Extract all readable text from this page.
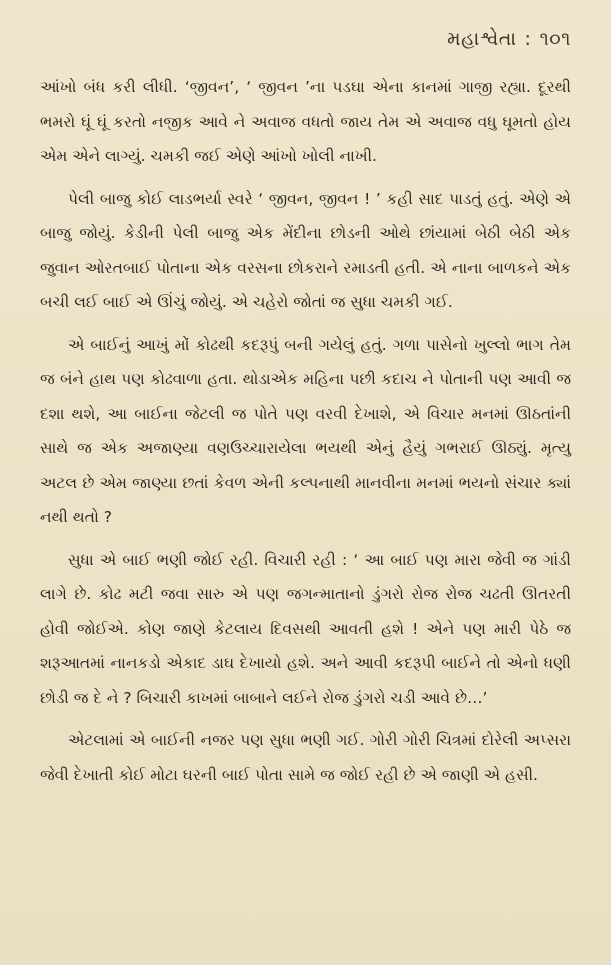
મહાશ્વેતા : ૧૦૧

આંખો બંધ કરી લીધી. ‘જીવન’, ‘ જીવન ’ના પડઘા એના કાનમાં ગાજી રહ્યા. દૂરથી ભમરો ઘૂં ઘૂં કરતો નજીક આવે ને અવાજ વધતો જાય તેમ એ અવાજ વધુ ઘૂમતો હોય એમ એને લાગ્યું. ચમકી જઈ એણે આંખો ખોલી નાખી.

પેલી બાજુ કોઈ લાડભર્યા સ્વરે ‘ જીવન, જીવન ! ’ કહી સાદ પાડતું હતું. એણે એ બાજુ જોયું. કેડીની પેલી બાજુ એક મેંદીના છોડની ઓથે છાંયામાં બેઠી બેઠી એક જુવાન ઓરતબાઈ પોતાના એક વરસના છોકરાને રમાડતી હતી. એ નાના બાળકને એક બચી લઈ બાઈ એ ઊંચું જોયું. એ ચહેરો જોતાં જ સુધા ચમકી ગઈ.

એ બાઈનું આખું મોં કોઢથી કદરૂપું બની ગયેલું હતું. ગળા પાસેનો ખુલ્લો ભાગ તેમ જ બંને હાથ પણ કોઢવાળા હતા. થોડાએક મહિના પછી કદાચ ને પોતાની પણ આવી જ દશા થશે, આ બાઈના જેટલી જ પોતે પણ વરવી દેખાશે, એ વિચાર મનમાં ઊઠતાંની સાથે જ એક અજાણ્યા વણઉચ્ચારાયેલા ભયથી એનું હૈયું ગભરાઈ ઊઠ્યું. મૃત્યુ અટલ છે એમ જાણ્યા છતાં કેવળ એની કલ્પનાથી માનવીના મનમાં ભયનો સંચાર ક્યાં નથી થતો ?

સુધા એ બાઈ ભણી જોઈ રહી. વિચારી રહી : ‘ આ બાઈ પણ મારા જેવી જ ગાંડી લાગે છે. કોઢ મટી જવા સારુ એ પણ જગન્માતાનો ડુંગરો રોજ રોજ ચઢતી ઊતરતી હોવી જોઈએ. કોણ જાણે કેટલાય દિવસથી આવતી હશે ! એને પણ મારી પેઠે જ શરૂઆતમાં નાનકડો એકાદ ડાઘ દેખાયો હશે. અને આવી કદરૂપી બાઈને તો એનો ધણી છોડી જ દે ને ? બિચારી કાખમાં બાબાને લઈને રોજ ડુંગરો ચડી આવે છે…’

એટલામાં એ બાઈની નજર પણ સુધા ભણી ગઈ. ગોરી ગોરી ચિત્રમાં દોરેલી અપ્સરા જેવી દેખાતી કોઈ મોટા ઘરની બાઈ પોતા સામે જ જોઈ રહી છે એ જાણી એ હસી.
